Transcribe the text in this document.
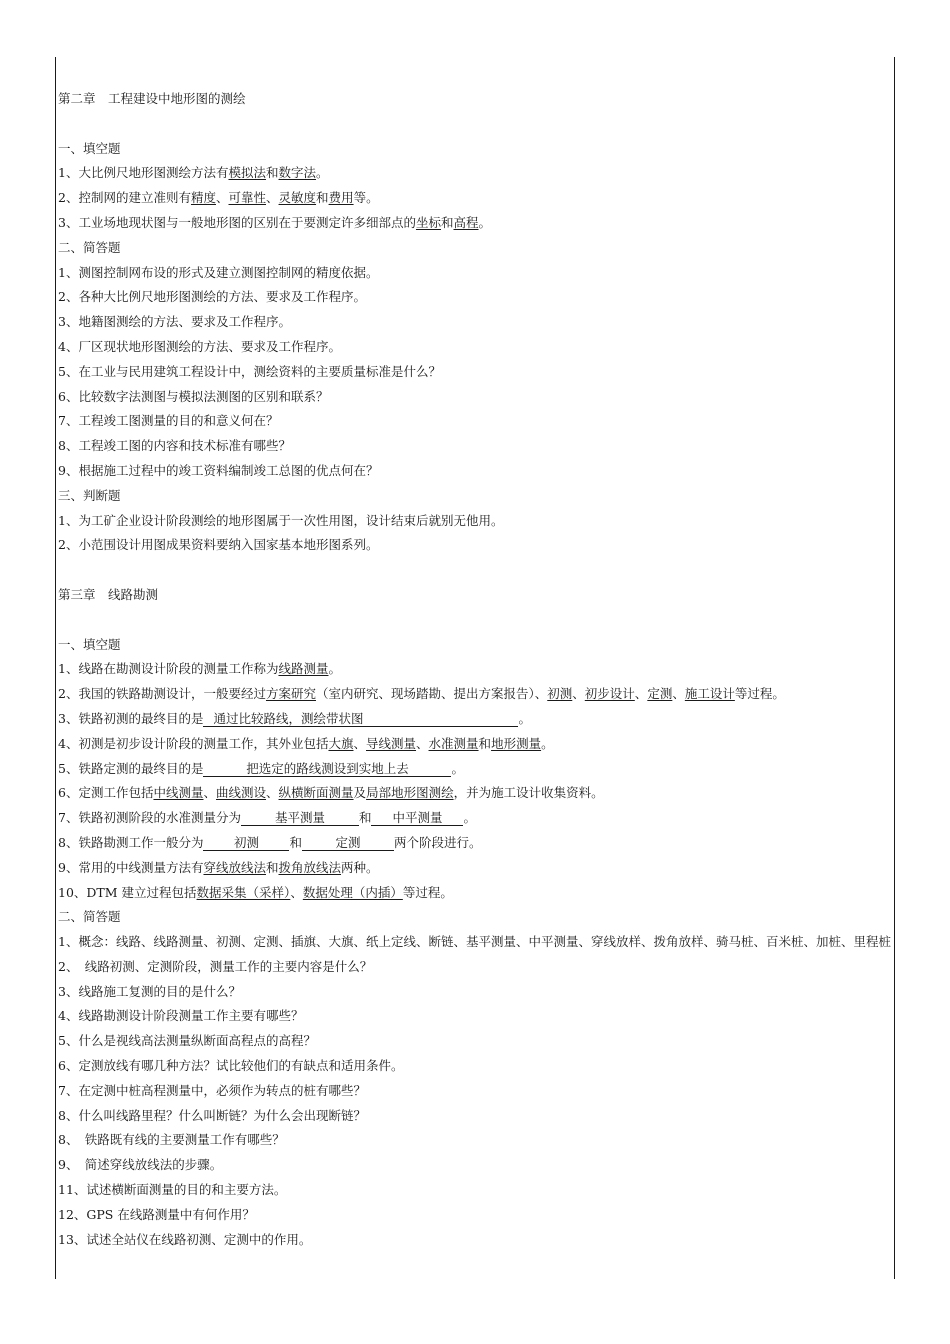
第二章　工程建设中地形图的测绘
一、填空题
1、大比例尺地形图测绘方法有模拟法和数字法。
2、控制网的建立准则有精度、可靠性、灵敏度和费用等。
3、工业场地现状图与一般地形图的区别在于要测定许多细部点的坐标和高程。
二、简答题
1、测图控制网布设的形式及建立测图控制网的精度依据。
2、各种大比例尺地形图测绘的方法、要求及工作程序。
3、地籍图测绘的方法、要求及工作程序。
4、厂区现状地形图测绘的方法、要求及工作程序。
5、在工业与民用建筑工程设计中，测绘资料的主要质量标准是什么？
6、比较数字法测图与模拟法测图的区别和联系？
7、工程竣工图测量的目的和意义何在？
8、工程竣工图的内容和技术标准有哪些？
9、根据施工过程中的竣工资料编制竣工总图的优点何在？
三、判断题
1、为工矿企业设计阶段测绘的地形图属于一次性用图，设计结束后就别无他用。
2、小范围设计用图成果资料要纳入国家基本地形图系列。
第三章　线路勘测
一、填空题
1、线路在勘测设计阶段的测量工作称为线路测量。
2、我国的铁路勘测设计，一般要经过方案研究（室内研究、现场踏勘、提出方案报告）、初测、初步设计、定测、施工设计等过程。
3、铁路初测的最终目的是 通过比较路线，测绘带状图	。
4、初测是初步设计阶段的测量工作，其外业包括大旗、导线测量、水准测量和地形测量。
5、铁路定测的最终目的是	把选定的路线测设到实地上去	。
6、定测工作包括中线测量、曲线测设、纵横断面测量及局部地形图测绘，并为施工设计收集资料。
7、铁路初测阶段的水准测量分为	基平测量	和 中平测量 。
8、铁路勘测工作一般分为 初测 和	定测	两个阶段进行。
9、常用的中线测量方法有穿线放线法和拨角放线法两种。
10、DTM 建立过程包括数据采集（采样）、数据处理（内插）等过程。
二、简答题
1、概念：线路、线路测量、初测、定测、插旗、大旗、纸上定线、断链、基平测量、中平测量、穿线放样、拨角放样、骑马桩、百米桩、加桩、里程桩
2、　线路初测、定测阶段，测量工作的主要内容是什么？
3、线路施工复测的目的是什么？
4、线路勘测设计阶段测量工作主要有哪些？
5、什么是视线高法测量纵断面高程点的高程？
6、定测放线有哪几种方法？试比较他们的有缺点和适用条件。
7、在定测中桩高程测量中，必须作为转点的桩有哪些？
8、什么叫线路里程？什么叫断链？为什么会出现断链？
8、　铁路既有线的主要测量工作有哪些？
9、　简述穿线放线法的步骤。
11、试述横断面测量的目的和主要方法。
12、GPS 在线路测量中有何作用？
13、试述全站仪在线路初测、定测中的作用。
